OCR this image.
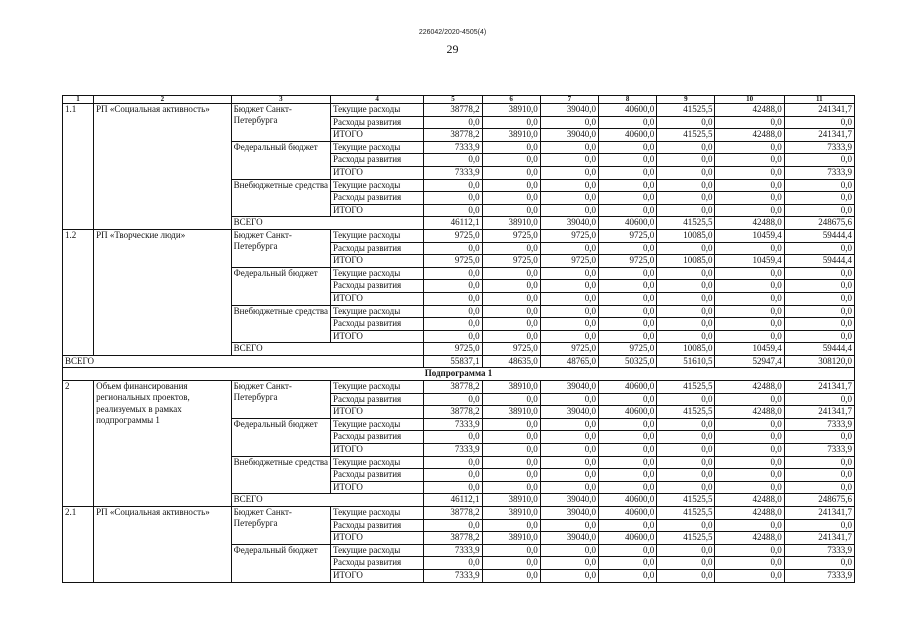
226042/2020-4505(4)
29
1	2	3	4	5	6	7	8	9	10	11
1.1	РП «Социальная активность»	Бюджет Санкт-Петербурга	Текущие расходы	38778,2	38910,0	39040,0	40600,0	41525,5	42488,0	241341,7
			Расходы развития	0,0	0,0	0,0	0,0	0,0	0,0	0,0
			ИТОГО	38778,2	38910,0	39040,0	40600,0	41525,5	42488,0	241341,7
		Федеральный бюджет	Текущие расходы	7333,9	0,0	0,0	0,0	0,0	0,0	7333,9
			Расходы развития	0,0	0,0	0,0	0,0	0,0	0,0	0,0
			ИТОГО	7333,9	0,0	0,0	0,0	0,0	0,0	7333,9
		Внебюджетные средства	Текущие расходы	0,0	0,0	0,0	0,0	0,0	0,0	0,0
			Расходы развития	0,0	0,0	0,0	0,0	0,0	0,0	0,0
			ИТОГО	0,0	0,0	0,0	0,0	0,0	0,0	0,0
		ВСЕГО		46112,1	38910,0	39040,0	40600,0	41525,5	42488,0	248675,6
1.2	РП «Творческие люди»	Бюджет Санкт-Петербурга	Текущие расходы	9725,0	9725,0	9725,0	9725,0	10085,0	10459,4	59444,4
			Расходы развития	0,0	0,0	0,0	0,0	0,0	0,0	0,0
			ИТОГО	9725,0	9725,0	9725,0	9725,0	10085,0	10459,4	59444,4
		Федеральный бюджет	Текущие расходы	0,0	0,0	0,0	0,0	0,0	0,0	0,0
			Расходы развития	0,0	0,0	0,0	0,0	0,0	0,0	0,0
			ИТОГО	0,0	0,0	0,0	0,0	0,0	0,0	0,0
		Внебюджетные средства	Текущие расходы	0,0	0,0	0,0	0,0	0,0	0,0	0,0
			Расходы развития	0,0	0,0	0,0	0,0	0,0	0,0	0,0
			ИТОГО	0,0	0,0	0,0	0,0	0,0	0,0	0,0
		ВСЕГО		9725,0	9725,0	9725,0	9725,0	10085,0	10459,4	59444,4
ВСЕГО				55837,1	48635,0	48765,0	50325,0	51610,5	52947,4	308120,0
Подпрограмма 1										
2	Объем финансирования региональных проектов, реализуемых в рамках подпрограммы 1	Бюджет Санкт-Петербурга	Текущие расходы	38778,2	38910,0	39040,0	40600,0	41525,5	42488,0	241341,7
			Расходы развития	0,0	0,0	0,0	0,0	0,0	0,0	0,0
			ИТОГО	38778,2	38910,0	39040,0	40600,0	41525,5	42488,0	241341,7
		Федеральный бюджет	Текущие расходы	7333,9	0,0	0,0	0,0	0,0	0,0	7333,9
			Расходы развития	0,0	0,0	0,0	0,0	0,0	0,0	0,0
			ИТОГО	7333,9	0,0	0,0	0,0	0,0	0,0	7333,9
		Внебюджетные средства	Текущие расходы	0,0	0,0	0,0	0,0	0,0	0,0	0,0
			Расходы развития	0,0	0,0	0,0	0,0	0,0	0,0	0,0
			ИТОГО	0,0	0,0	0,0	0,0	0,0	0,0	0,0
		ВСЕГО		46112,1	38910,0	39040,0	40600,0	41525,5	42488,0	248675,6
2.1	РП «Социальная активность»	Бюджет Санкт-Петербурга	Текущие расходы	38778,2	38910,0	39040,0	40600,0	41525,5	42488,0	241341,7
			Расходы развития	0,0	0,0	0,0	0,0	0,0	0,0	0,0
			ИТОГО	38778,2	38910,0	39040,0	40600,0	41525,5	42488,0	241341,7
		Федеральный бюджет	Текущие расходы	7333,9	0,0	0,0	0,0	0,0	0,0	7333,9
			Расходы развития	0,0	0,0	0,0	0,0	0,0	0,0	0,0
			ИТОГО	7333,9	0,0	0,0	0,0	0,0	0,0	7333,9
